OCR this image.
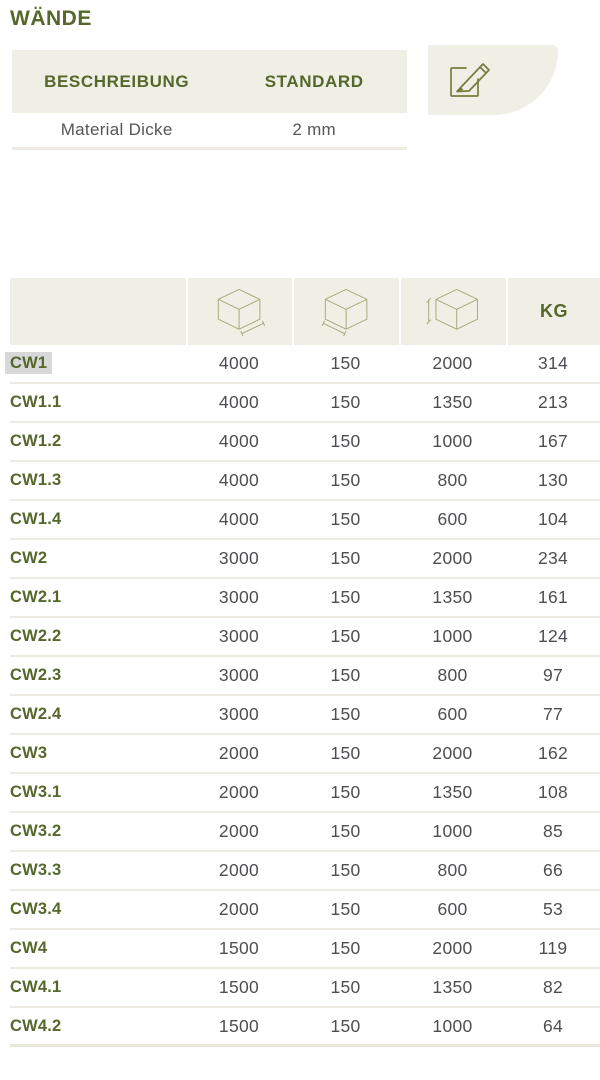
WÄNDE
BESCHREIBUNG	STANDARD
Material Dicke	2 mm
KG
CW1	4000	150	2000	314
CW1.1	4000	150	1350	213
CW1.2	4000	150	1000	167
CW1.3	4000	150	800	130
CW1.4	4000	150	600	104
CW2	3000	150	2000	234
CW2.1	3000	150	1350	161
CW2.2	3000	150	1000	124
CW2.3	3000	150	800	97
CW2.4	3000	150	600	77
CW3	2000	150	2000	162
CW3.1	2000	150	1350	108
CW3.2	2000	150	1000	85
CW3.3	2000	150	800	66
CW3.4	2000	150	600	53
CW4	1500	150	2000	119
CW4.1	1500	150	1350	82
CW4.2	1500	150	1000	64
